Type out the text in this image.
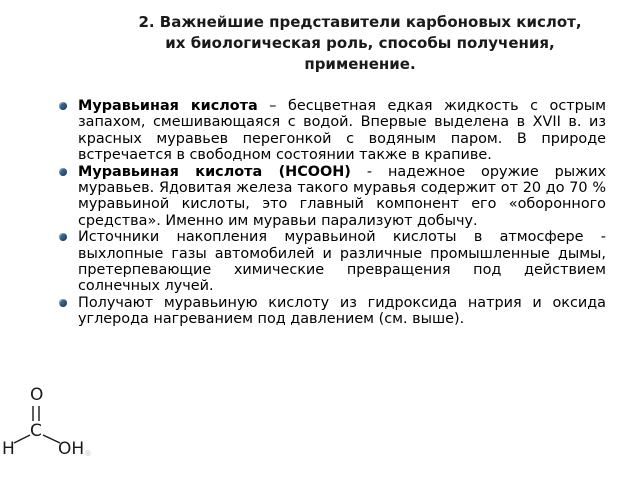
2. Важнейшие представители карбоновых кислот, их биологическая роль, способы получения, применение.
Муравьиная кислота – бесцветная едкая жидкость с острым запахом, смешивающаяся с водой. Впервые выделена в XVII в. из красных муравьев перегонкой с водяным паром. В природе встречается в свободном состоянии также в крапиве.
Муравьиная кислота (НСООН) - надежное оружие рыжих муравьев. Ядовитая железа такого муравья содержит от 20 до 70 % муравьиной кислоты, это главный компонент его «оборонного средства». Именно им муравьи парализуют добычу.
Источники накопления муравьиной кислоты в атмосфере - выхлопные газы автомобилей и различные промышленные дымы, претерпевающие химические превращения под действием солнечных лучей.
Получают муравьиную кислоту из гидроксида натрия и оксида углерода нагреванием под давлением (см. выше).
O
C
H	OH ®
